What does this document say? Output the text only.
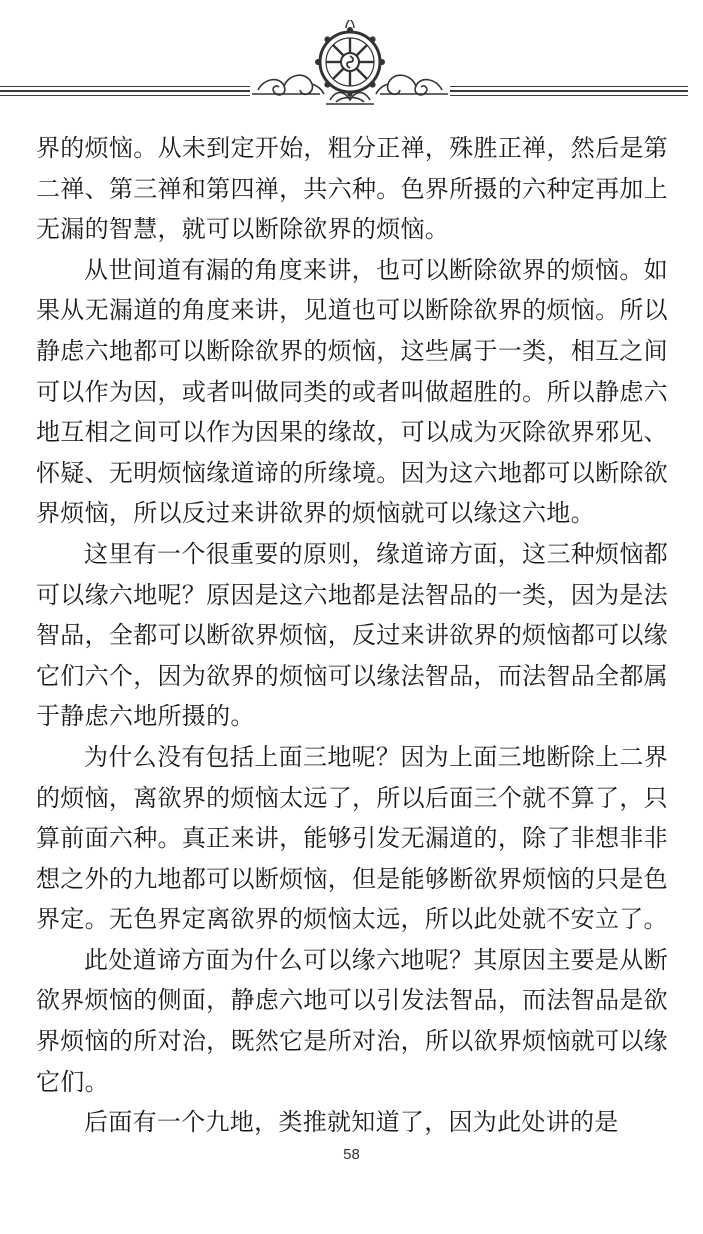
界的烦恼。从未到定开始，粗分正禅，殊胜正禅，然后是第二禅、第三禅和第四禅，共六种。色界所摄的六种定再加上无漏的智慧，就可以断除欲界的烦恼。

从世间道有漏的角度来讲，也可以断除欲界的烦恼。如果从无漏道的角度来讲，见道也可以断除欲界的烦恼。所以静虑六地都可以断除欲界的烦恼，这些属于一类，相互之间可以作为因，或者叫做同类的或者叫做超胜的。所以静虑六地互相之间可以作为因果的缘故，可以成为灭除欲界邪见、怀疑、无明烦恼缘道谛的所缘境。因为这六地都可以断除欲界烦恼，所以反过来讲欲界的烦恼就可以缘这六地。

这里有一个很重要的原则，缘道谛方面，这三种烦恼都可以缘六地呢？原因是这六地都是法智品的一类，因为是法智品，全都可以断欲界烦恼，反过来讲欲界的烦恼都可以缘它们六个，因为欲界的烦恼可以缘法智品，而法智品全都属于静虑六地所摄的。

为什么没有包括上面三地呢？因为上面三地断除上二界的烦恼，离欲界的烦恼太远了，所以后面三个就不算了，只算前面六种。真正来讲，能够引发无漏道的，除了非想非非想之外的九地都可以断烦恼，但是能够断欲界烦恼的只是色界定。无色界定离欲界的烦恼太远，所以此处就不安立了。

此处道谛方面为什么可以缘六地呢？其原因主要是从断欲界烦恼的侧面，静虑六地可以引发法智品，而法智品是欲界烦恼的所对治，既然它是所对治，所以欲界烦恼就可以缘它们。

后面有一个九地，类推就知道了，因为此处讲的是

58
